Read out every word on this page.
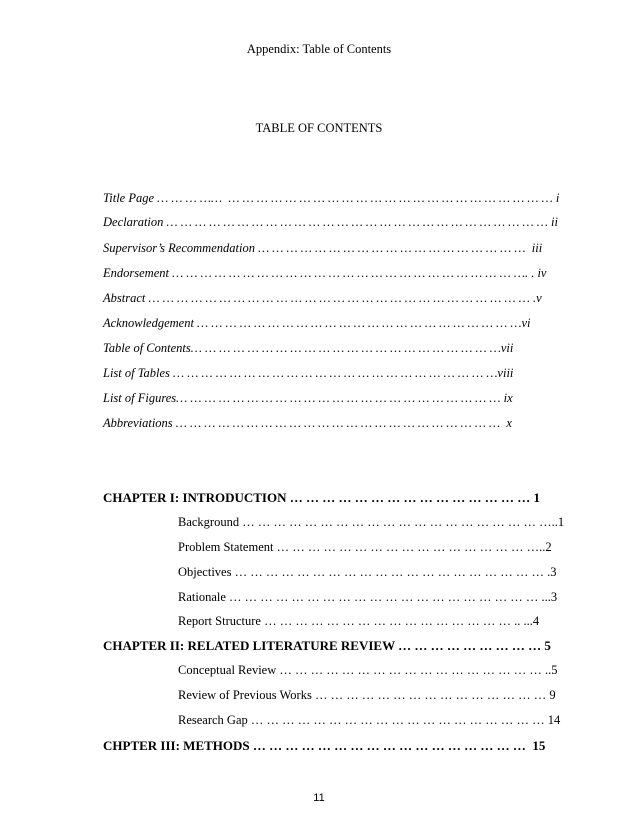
Appendix: Table of Contents
TABLE OF CONTENTS
Title Page … … … ……  … … … … … … … … … … … … … … … … … … … … … … … i
Declaration … … … … … … … … … … … … … … … … … … … … … … … … … … … ii
Supervisor’s Recommendation … … … … … … … … … … … … … … … … … … …  iii
Endorsement … … … … … … … … … … … … … … … … … … … … … … … … …. . iv
Abstract … … … … … … … … … … … … … … … … … … … … … … … … … … … .v
Acknowledgement … … … … … … … … … … … … … … … … … … … … … … …vi
Table of Contents… … … … … … … … … … … … … … … … … … … … … …vii
List of Tables … … … … … … … … … … … … … … … … … … … … … … …viii
List of Figures… … … … … … … … … … … … … … … … … … … … … … … ix
Abbreviations … … … … … … … … … … … … … … … … … … … … … … …  x
CHAPTER I: INTRODUCTION … … … … … … … … … … … … … … … 1
Background … … … … … … … … … … … … … … … … … … … …..1
Problem Statement … … … … … … … … … … … … … … … … …..2
Objectives … … … … … … … … … … … … … … … … … … … … .3
Rationale … … … … … … … … … … … … … … … … … … … … ...3
Report Structure … … … … … … … … … … … … … … … … .. ...4
CHAPTER II: RELATED LITERATURE REVIEW … … … … … … … … … 5
Conceptual Review … … … … … … … … … … … … … … … … … ..5
Review of Previous Works … … … … … … … … … … … … … … … 9
Research Gap … … … … … … … … … … … … … … … … … … … 14
CHPTER III: METHODS … … … … … … … … … … … … … … … … …  15
11
